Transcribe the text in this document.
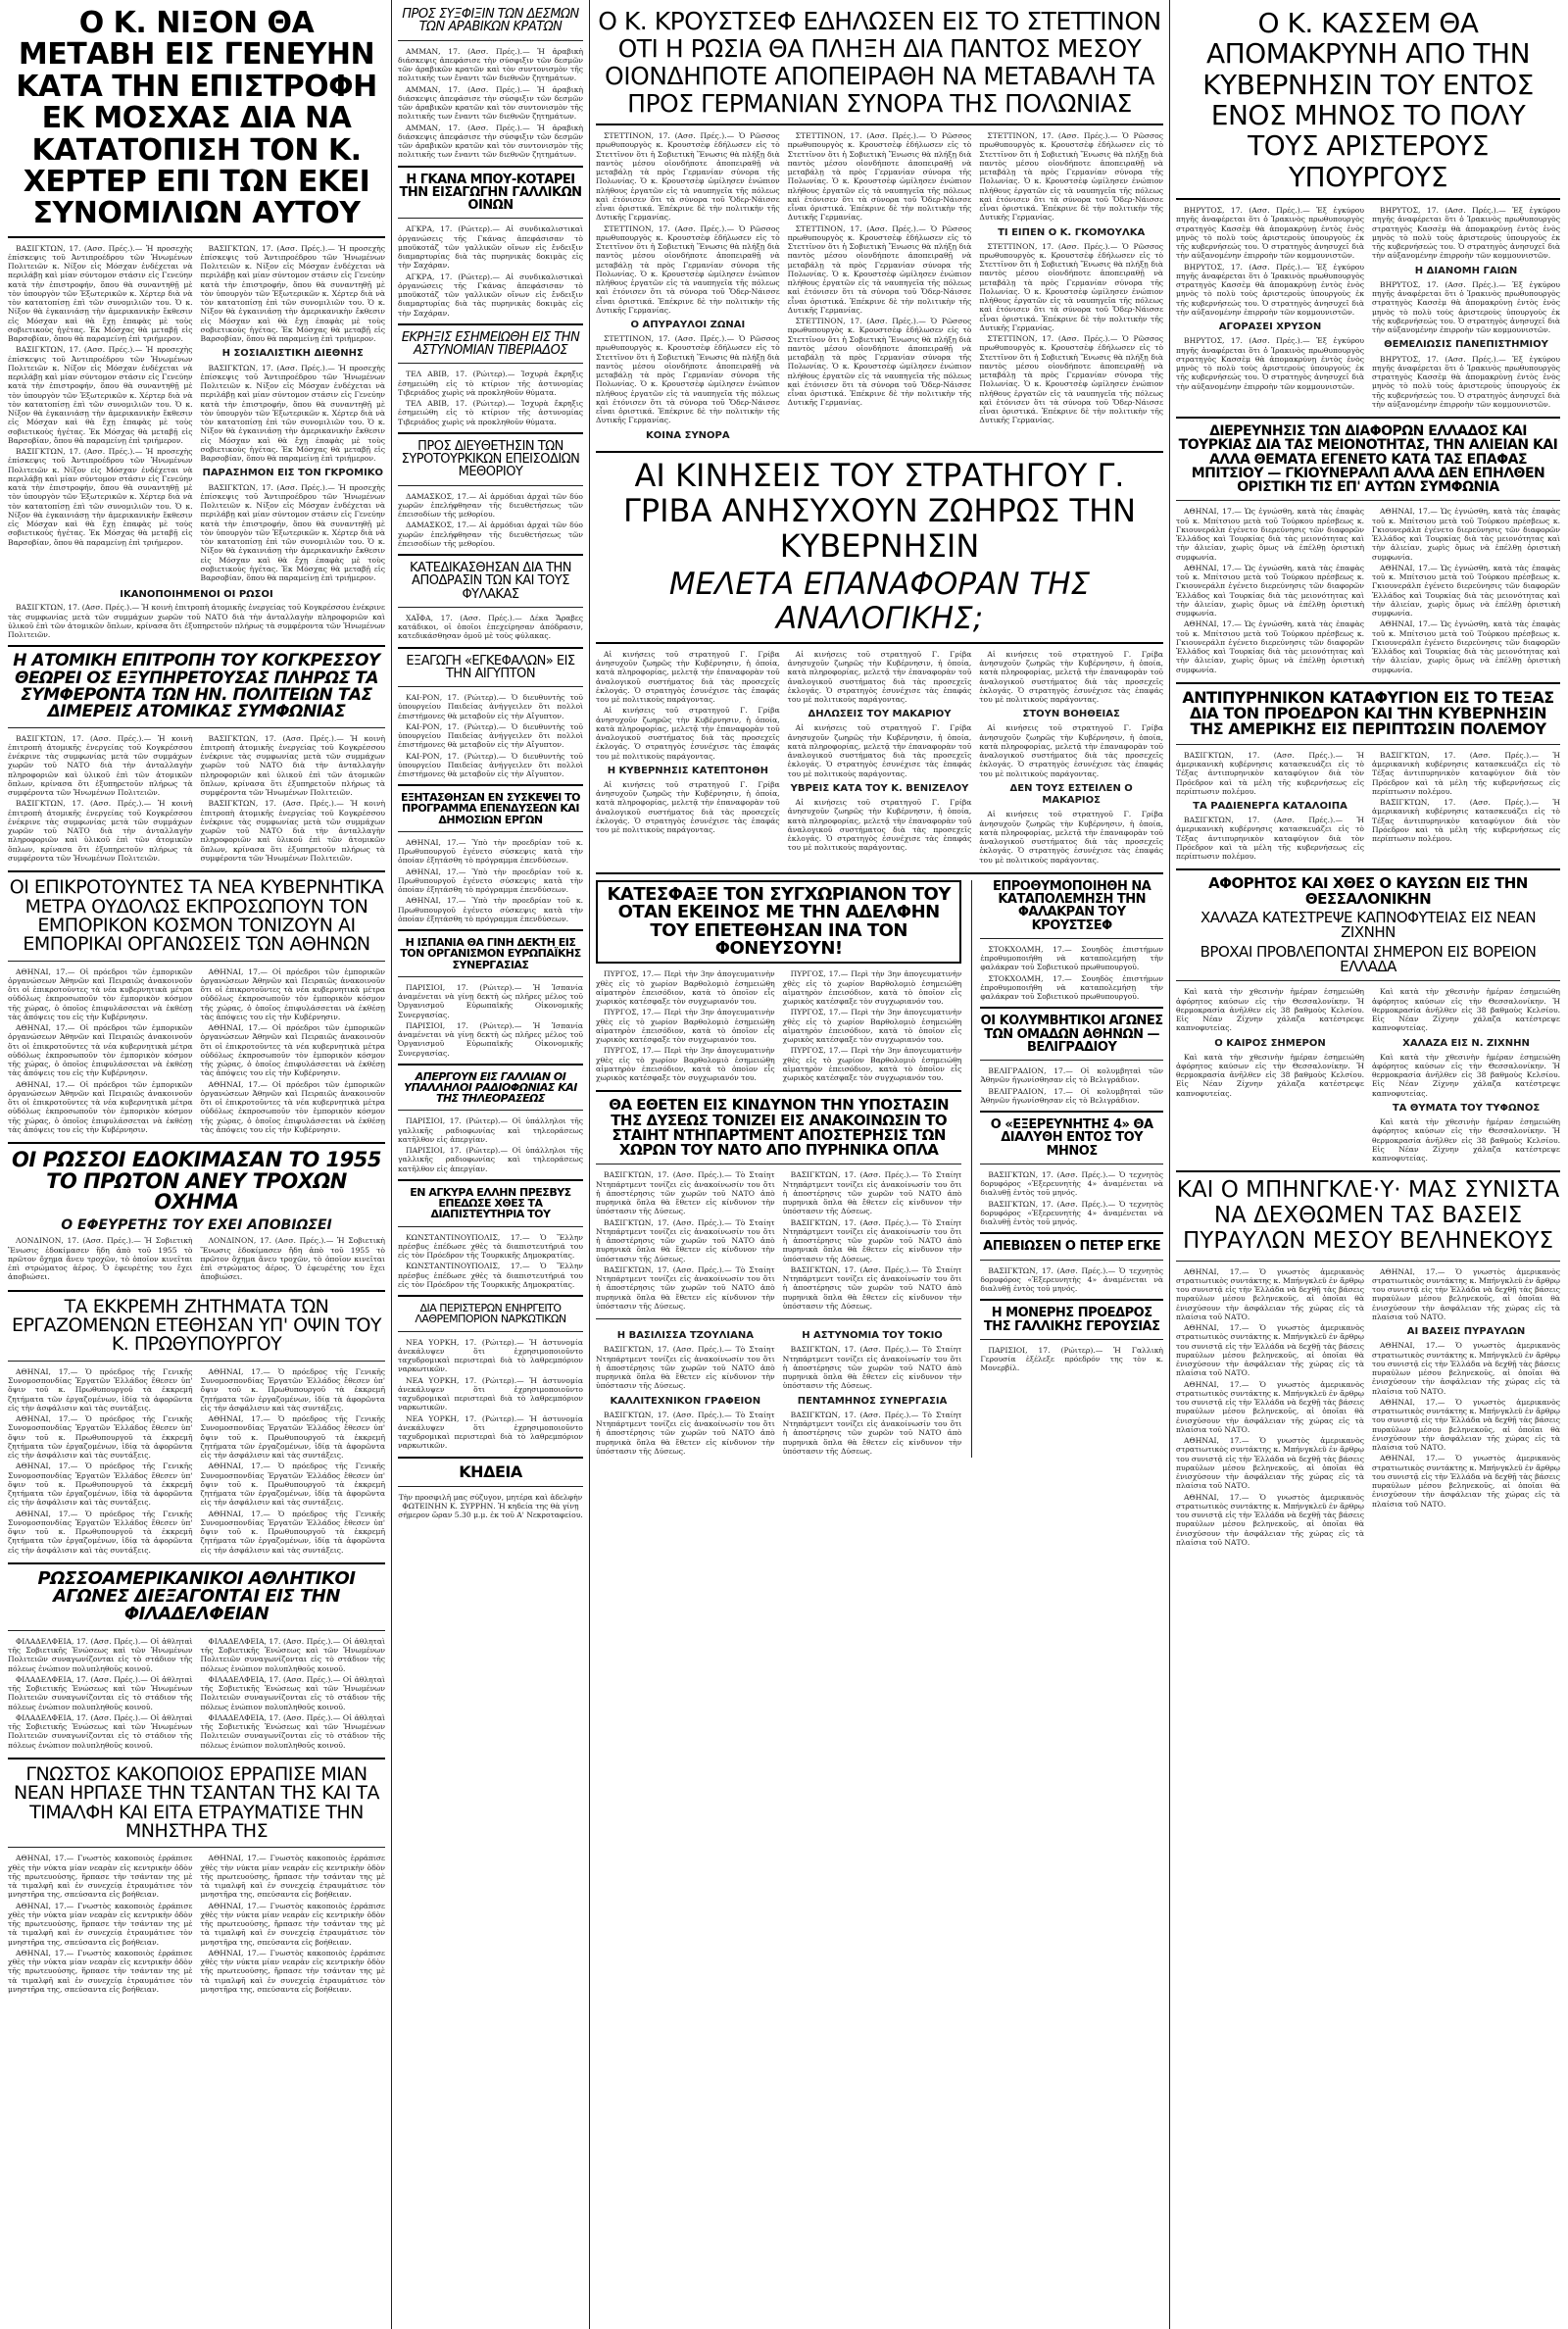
Ο Κ. ΝΙΞΟΝ ΘΑ ΜΕΤΑΒΗ ΕΙΣ ΓΕΝΕΥΗΝ ΚΑΤΑ ΤΗΝ ΕΠΙΣΤΡΟΦΗ ΕΚ ΜΟΣΧΑΣ ΔΙΑ ΝΑ ΚΑΤΑΤΟΠΙΣΗ ΤΟΝ Κ. ΧΕΡΤΕΡ ΕΠΙ ΤΩΝ ΕΚΕΙ ΣΥΝΟΜΙΛΙΩΝ ΑΥΤΟΥ

ΒΑΣΙΓΚΤΩΝ, 17. (Ασσ. Πρές.).— Ἡ προσεχὴς ἐπίσκεψις τοῦ Ἀντιπροέδρου τῶν Ἡνωμένων Πολιτειῶν κ. Νίξον εἰς Μόσχαν ἐνδέχεται νὰ περιλάβῃ καὶ μίαν σύντομον στάσιν εἰς Γενεύην κατὰ τὴν ἐπιστροφήν, ὅπου θὰ συναντηθῇ μὲ τὸν ὑπουργὸν τῶν Ἐξωτερικῶν κ. Χέρτερ διὰ νὰ τὸν κατατοπίσῃ ἐπὶ τῶν συνομιλιῶν του. Ὁ κ. Νίξον θὰ ἐγκαινιάσῃ τὴν ἀμερικανικὴν ἔκθεσιν εἰς Μόσχαν καὶ θὰ ἔχῃ ἐπαφὰς μὲ τοὺς σοβιετικοὺς ἡγέτας. Ἐκ Μόσχας θὰ μεταβῇ εἰς Βαρσοβίαν, ὅπου θὰ παραμείνῃ ἐπὶ τριήμερον.

ΒΑΣΙΓΚΤΩΝ, 17. (Ασσ. Πρές.).— Ἡ προσεχὴς ἐπίσκεψις τοῦ Ἀντιπροέδρου τῶν Ἡνωμένων Πολιτειῶν κ. Νίξον εἰς Μόσχαν ἐνδέχεται νὰ περιλάβῃ καὶ μίαν σύντομον στάσιν εἰς Γενεύην κατὰ τὴν ἐπιστροφήν, ὅπου θὰ συναντηθῇ μὲ τὸν ὑπουργὸν τῶν Ἐξωτερικῶν κ. Χέρτερ διὰ νὰ τὸν κατατοπίσῃ ἐπὶ τῶν συνομιλιῶν του. Ὁ κ. Νίξον θὰ ἐγκαινιάσῃ τὴν ἀμερικανικὴν ἔκθεσιν εἰς Μόσχαν καὶ θὰ ἔχῃ ἐπαφὰς μὲ τοὺς σοβιετικοὺς ἡγέτας. Ἐκ Μόσχας θὰ μεταβῇ εἰς Βαρσοβίαν, ὅπου θὰ παραμείνῃ ἐπὶ τριήμερον.

ΒΑΣΙΓΚΤΩΝ, 17. (Ασσ. Πρές.).— Ἡ προσεχὴς ἐπίσκεψις τοῦ Ἀντιπροέδρου τῶν Ἡνωμένων Πολιτειῶν κ. Νίξον εἰς Μόσχαν ἐνδέχεται νὰ περιλάβῃ καὶ μίαν σύντομον στάσιν εἰς Γενεύην κατὰ τὴν ἐπιστροφήν, ὅπου θὰ συναντηθῇ μὲ τὸν ὑπουργὸν τῶν Ἐξωτερικῶν κ. Χέρτερ διὰ νὰ τὸν κατατοπίσῃ ἐπὶ τῶν συνομιλιῶν του. Ὁ κ. Νίξον θὰ ἐγκαινιάσῃ τὴν ἀμερικανικὴν ἔκθεσιν εἰς Μόσχαν καὶ θὰ ἔχῃ ἐπαφὰς μὲ τοὺς σοβιετικοὺς ἡγέτας. Ἐκ Μόσχας θὰ μεταβῇ εἰς Βαρσοβίαν, ὅπου θὰ παραμείνῃ ἐπὶ τριήμερον.

ΒΑΣΙΓΚΤΩΝ, 17. (Ασσ. Πρές.).— Ἡ προσεχὴς ἐπίσκεψις τοῦ Ἀντιπροέδρου τῶν Ἡνωμένων Πολιτειῶν κ. Νίξον εἰς Μόσχαν ἐνδέχεται νὰ περιλάβῃ καὶ μίαν σύντομον στάσιν εἰς Γενεύην κατὰ τὴν ἐπιστροφήν, ὅπου θὰ συναντηθῇ μὲ τὸν ὑπουργὸν τῶν Ἐξωτερικῶν κ. Χέρτερ διὰ νὰ τὸν κατατοπίσῃ ἐπὶ τῶν συνομιλιῶν του. Ὁ κ. Νίξον θὰ ἐγκαινιάσῃ τὴν ἀμερικανικὴν ἔκθεσιν εἰς Μόσχαν καὶ θὰ ἔχῃ ἐπαφὰς μὲ τοὺς σοβιετικοὺς ἡγέτας. Ἐκ Μόσχας θὰ μεταβῇ εἰς Βαρσοβίαν, ὅπου θὰ παραμείνῃ ἐπὶ τριήμερον.

Η ΣΟΣΙΑΛΙΣΤΙΚΗ ΔΙΕΘΝΗΣ

ΒΑΣΙΓΚΤΩΝ, 17. (Ασσ. Πρές.).— Ἡ προσεχὴς ἐπίσκεψις τοῦ Ἀντιπροέδρου τῶν Ἡνωμένων Πολιτειῶν κ. Νίξον εἰς Μόσχαν ἐνδέχεται νὰ περιλάβῃ καὶ μίαν σύντομον στάσιν εἰς Γενεύην κατὰ τὴν ἐπιστροφήν, ὅπου θὰ συναντηθῇ μὲ τὸν ὑπουργὸν τῶν Ἐξωτερικῶν κ. Χέρτερ διὰ νὰ τὸν κατατοπίσῃ ἐπὶ τῶν συνομιλιῶν του. Ὁ κ. Νίξον θὰ ἐγκαινιάσῃ τὴν ἀμερικανικὴν ἔκθεσιν εἰς Μόσχαν καὶ θὰ ἔχῃ ἐπαφὰς μὲ τοὺς σοβιετικοὺς ἡγέτας. Ἐκ Μόσχας θὰ μεταβῇ εἰς Βαρσοβίαν, ὅπου θὰ παραμείνῃ ἐπὶ τριήμερον.

ΠΑΡΑΣΗΜΟΝ ΕΙΣ ΤΟΝ ΓΚΡΟΜΙΚΟ

ΒΑΣΙΓΚΤΩΝ, 17. (Ασσ. Πρές.).— Ἡ προσεχὴς ἐπίσκεψις τοῦ Ἀντιπροέδρου τῶν Ἡνωμένων Πολιτειῶν κ. Νίξον εἰς Μόσχαν ἐνδέχεται νὰ περιλάβῃ καὶ μίαν σύντομον στάσιν εἰς Γενεύην κατὰ τὴν ἐπιστροφήν, ὅπου θὰ συναντηθῇ μὲ τὸν ὑπουργὸν τῶν Ἐξωτερικῶν κ. Χέρτερ διὰ νὰ τὸν κατατοπίσῃ ἐπὶ τῶν συνομιλιῶν του. Ὁ κ. Νίξον θὰ ἐγκαινιάσῃ τὴν ἀμερικανικὴν ἔκθεσιν εἰς Μόσχαν καὶ θὰ ἔχῃ ἐπαφὰς μὲ τοὺς σοβιετικοὺς ἡγέτας. Ἐκ Μόσχας θὰ μεταβῇ εἰς Βαρσοβίαν, ὅπου θὰ παραμείνῃ ἐπὶ τριήμερον.

ΙΚΑΝΟΠΟΙΗΜΕΝΟΙ ΟΙ ΡΩΣΟΙ

ΒΑΣΙΓΚΤΩΝ, 17. (Ασσ. Πρές.).— Ἡ κοινὴ ἐπιτροπὴ ἀτομικῆς ἐνεργείας τοῦ Κογκρέσσου ἐνέκρινε τὰς συμφωνίας μετὰ τῶν συμμάχων χωρῶν τοῦ ΝΑΤΟ διὰ τὴν ἀνταλλαγὴν πληροφοριῶν καὶ ὑλικοῦ ἐπὶ τῶν ἀτομικῶν ὅπλων, κρίνασα ὅτι ἐξυπηρετοῦν πλήρως τὰ συμφέροντα τῶν Ἡνωμένων Πολιτειῶν.

Η ΑΤΟΜΙΚΗ ΕΠΙΤΡΟΠΗ ΤΟΥ ΚΟΓΚΡΕΣΣΟΥ ΘΕΩΡΕΙ ΟΣ ΕΞΥΠΗΡΕΤΟΥΣΑΣ ΠΛΗΡΩΣ ΤΑ ΣΥΜΦΕΡΟΝΤΑ ΤΩΝ ΗΝ. ΠΟΛΙΤΕΙΩΝ ΤΑΣ ΔΙΜΕΡΕΙΣ ΑΤΟΜΙΚΑΣ ΣΥΜΦΩΝΙΑΣ

ΒΑΣΙΓΚΤΩΝ, 17. (Ασσ. Πρές.).— Ἡ κοινὴ ἐπιτροπὴ ἀτομικῆς ἐνεργείας τοῦ Κογκρέσσου ἐνέκρινε τὰς συμφωνίας μετὰ τῶν συμμάχων χωρῶν τοῦ ΝΑΤΟ διὰ τὴν ἀνταλλαγὴν πληροφοριῶν καὶ ὑλικοῦ ἐπὶ τῶν ἀτομικῶν ὅπλων, κρίνασα ὅτι ἐξυπηρετοῦν πλήρως τὰ συμφέροντα τῶν Ἡνωμένων Πολιτειῶν.

ΒΑΣΙΓΚΤΩΝ, 17. (Ασσ. Πρές.).— Ἡ κοινὴ ἐπιτροπὴ ἀτομικῆς ἐνεργείας τοῦ Κογκρέσσου ἐνέκρινε τὰς συμφωνίας μετὰ τῶν συμμάχων χωρῶν τοῦ ΝΑΤΟ διὰ τὴν ἀνταλλαγὴν πληροφοριῶν καὶ ὑλικοῦ ἐπὶ τῶν ἀτομικῶν ὅπλων, κρίνασα ὅτι ἐξυπηρετοῦν πλήρως τὰ συμφέροντα τῶν Ἡνωμένων Πολιτειῶν.

ΒΑΣΙΓΚΤΩΝ, 17. (Ασσ. Πρές.).— Ἡ κοινὴ ἐπιτροπὴ ἀτομικῆς ἐνεργείας τοῦ Κογκρέσσου ἐνέκρινε τὰς συμφωνίας μετὰ τῶν συμμάχων χωρῶν τοῦ ΝΑΤΟ διὰ τὴν ἀνταλλαγὴν πληροφοριῶν καὶ ὑλικοῦ ἐπὶ τῶν ἀτομικῶν ὅπλων, κρίνασα ὅτι ἐξυπηρετοῦν πλήρως τὰ συμφέροντα τῶν Ἡνωμένων Πολιτειῶν.

ΒΑΣΙΓΚΤΩΝ, 17. (Ασσ. Πρές.).— Ἡ κοινὴ ἐπιτροπὴ ἀτομικῆς ἐνεργείας τοῦ Κογκρέσσου ἐνέκρινε τὰς συμφωνίας μετὰ τῶν συμμάχων χωρῶν τοῦ ΝΑΤΟ διὰ τὴν ἀνταλλαγὴν πληροφοριῶν καὶ ὑλικοῦ ἐπὶ τῶν ἀτομικῶν ὅπλων, κρίνασα ὅτι ἐξυπηρετοῦν πλήρως τὰ συμφέροντα τῶν Ἡνωμένων Πολιτειῶν.

ΟΙ ΕΠΙΚΡΟΤΟΥΝΤΕΣ ΤΑ ΝΕΑ ΚΥΒΕΡΝΗΤΙΚΑ ΜΕΤΡΑ ΟΥΔΟΛΩΣ ΕΚΠΡΟΣΩΠΟΥΝ ΤΟΝ ΕΜΠΟΡΙΚΟΝ ΚΟΣΜΟΝ ΤΟΝΙΖΟΥΝ ΑΙ ΕΜΠΟΡΙΚΑΙ ΟΡΓΑΝΩΣΕΙΣ ΤΩΝ ΑΘΗΝΩΝ

ΑΘΗΝΑΙ, 17.— Οἱ πρόεδροι τῶν ἐμπορικῶν ὀργανώσεων Ἀθηνῶν καὶ Πειραιῶς ἀνακοινοῦν ὅτι οἱ ἐπικροτοῦντες τὰ νέα κυβερνητικὰ μέτρα οὐδόλως ἐκπροσωποῦν τὸν ἐμπορικὸν κόσμον τῆς χώρας, ὁ ὁποῖος ἐπιφυλάσσεται νὰ ἐκθέσῃ τὰς ἀπόψεις του εἰς τὴν Κυβέρνησιν.

ΑΘΗΝΑΙ, 17.— Οἱ πρόεδροι τῶν ἐμπορικῶν ὀργανώσεων Ἀθηνῶν καὶ Πειραιῶς ἀνακοινοῦν ὅτι οἱ ἐπικροτοῦντες τὰ νέα κυβερνητικὰ μέτρα οὐδόλως ἐκπροσωποῦν τὸν ἐμπορικὸν κόσμον τῆς χώρας, ὁ ὁποῖος ἐπιφυλάσσεται νὰ ἐκθέσῃ τὰς ἀπόψεις του εἰς τὴν Κυβέρνησιν.

ΑΘΗΝΑΙ, 17.— Οἱ πρόεδροι τῶν ἐμπορικῶν ὀργανώσεων Ἀθηνῶν καὶ Πειραιῶς ἀνακοινοῦν ὅτι οἱ ἐπικροτοῦντες τὰ νέα κυβερνητικὰ μέτρα οὐδόλως ἐκπροσωποῦν τὸν ἐμπορικὸν κόσμον τῆς χώρας, ὁ ὁποῖος ἐπιφυλάσσεται νὰ ἐκθέσῃ τὰς ἀπόψεις του εἰς τὴν Κυβέρνησιν.

ΑΘΗΝΑΙ, 17.— Οἱ πρόεδροι τῶν ἐμπορικῶν ὀργανώσεων Ἀθηνῶν καὶ Πειραιῶς ἀνακοινοῦν ὅτι οἱ ἐπικροτοῦντες τὰ νέα κυβερνητικὰ μέτρα οὐδόλως ἐκπροσωποῦν τὸν ἐμπορικὸν κόσμον τῆς χώρας, ὁ ὁποῖος ἐπιφυλάσσεται νὰ ἐκθέσῃ τὰς ἀπόψεις του εἰς τὴν Κυβέρνησιν.

ΑΘΗΝΑΙ, 17.— Οἱ πρόεδροι τῶν ἐμπορικῶν ὀργανώσεων Ἀθηνῶν καὶ Πειραιῶς ἀνακοινοῦν ὅτι οἱ ἐπικροτοῦντες τὰ νέα κυβερνητικὰ μέτρα οὐδόλως ἐκπροσωποῦν τὸν ἐμπορικὸν κόσμον τῆς χώρας, ὁ ὁποῖος ἐπιφυλάσσεται νὰ ἐκθέσῃ τὰς ἀπόψεις του εἰς τὴν Κυβέρνησιν.

ΑΘΗΝΑΙ, 17.— Οἱ πρόεδροι τῶν ἐμπορικῶν ὀργανώσεων Ἀθηνῶν καὶ Πειραιῶς ἀνακοινοῦν ὅτι οἱ ἐπικροτοῦντες τὰ νέα κυβερνητικὰ μέτρα οὐδόλως ἐκπροσωποῦν τὸν ἐμπορικὸν κόσμον τῆς χώρας, ὁ ὁποῖος ἐπιφυλάσσεται νὰ ἐκθέσῃ τὰς ἀπόψεις του εἰς τὴν Κυβέρνησιν.

ΟΙ ΡΩΣΣΟΙ ΕΔΟΚΙΜΑΣΑΝ ΤΟ 1955 ΤΟ ΠΡΩΤΟΝ ΑΝΕΥ ΤΡΟΧΩΝ ΟΧΗΜΑ
Ο ΕΦΕΥΡΕΤΗΣ ΤΟΥ ΕΧΕΙ ΑΠΟΒΙΩΣΕΙ

ΛΟΝΔΙΝΟΝ, 17. (Ασσ. Πρές.).— Ἡ Σοβιετικὴ Ἕνωσις ἐδοκίμασεν ἤδη ἀπὸ τοῦ 1955 τὸ πρῶτον ὄχημα ἄνευ τροχῶν, τὸ ὁποῖον κινεῖται ἐπὶ στρώματος ἀέρος. Ὁ ἐφευρέτης του ἔχει ἀποβιώσει.

ΛΟΝΔΙΝΟΝ, 17. (Ασσ. Πρές.).— Ἡ Σοβιετικὴ Ἕνωσις ἐδοκίμασεν ἤδη ἀπὸ τοῦ 1955 τὸ πρῶτον ὄχημα ἄνευ τροχῶν, τὸ ὁποῖον κινεῖται ἐπὶ στρώματος ἀέρος. Ὁ ἐφευρέτης του ἔχει ἀποβιώσει.

ΤΑ ΕΚΚΡΕΜΗ ΖΗΤΗΜΑΤΑ ΤΩΝ ΕΡΓΑΖΟΜΕΝΩΝ ΕΤΕΘΗΣΑΝ ΥΠ' ΟΨΙΝ ΤΟΥ Κ. ΠΡΩΘΥΠΟΥΡΓΟΥ

ΑΘΗΝΑΙ, 17.— Ὁ πρόεδρος τῆς Γενικῆς Συνομοσπονδίας Ἐργατῶν Ἑλλάδος ἔθεσεν ὑπ' ὄψιν τοῦ κ. Πρωθυπουργοῦ τὰ ἐκκρεμῆ ζητήματα τῶν ἐργαζομένων, ἰδίᾳ τὰ ἀφορῶντα εἰς τὴν ἀσφάλισιν καὶ τὰς συντάξεις.

ΑΘΗΝΑΙ, 17.— Ὁ πρόεδρος τῆς Γενικῆς Συνομοσπονδίας Ἐργατῶν Ἑλλάδος ἔθεσεν ὑπ' ὄψιν τοῦ κ. Πρωθυπουργοῦ τὰ ἐκκρεμῆ ζητήματα τῶν ἐργαζομένων, ἰδίᾳ τὰ ἀφορῶντα εἰς τὴν ἀσφάλισιν καὶ τὰς συντάξεις.

ΑΘΗΝΑΙ, 17.— Ὁ πρόεδρος τῆς Γενικῆς Συνομοσπονδίας Ἐργατῶν Ἑλλάδος ἔθεσεν ὑπ' ὄψιν τοῦ κ. Πρωθυπουργοῦ τὰ ἐκκρεμῆ ζητήματα τῶν ἐργαζομένων, ἰδίᾳ τὰ ἀφορῶντα εἰς τὴν ἀσφάλισιν καὶ τὰς συντάξεις.

ΑΘΗΝΑΙ, 17.— Ὁ πρόεδρος τῆς Γενικῆς Συνομοσπονδίας Ἐργατῶν Ἑλλάδος ἔθεσεν ὑπ' ὄψιν τοῦ κ. Πρωθυπουργοῦ τὰ ἐκκρεμῆ ζητήματα τῶν ἐργαζομένων, ἰδίᾳ τὰ ἀφορῶντα εἰς τὴν ἀσφάλισιν καὶ τὰς συντάξεις.

ΑΘΗΝΑΙ, 17.— Ὁ πρόεδρος τῆς Γενικῆς Συνομοσπονδίας Ἐργατῶν Ἑλλάδος ἔθεσεν ὑπ' ὄψιν τοῦ κ. Πρωθυπουργοῦ τὰ ἐκκρεμῆ ζητήματα τῶν ἐργαζομένων, ἰδίᾳ τὰ ἀφορῶντα εἰς τὴν ἀσφάλισιν καὶ τὰς συντάξεις.

ΑΘΗΝΑΙ, 17.— Ὁ πρόεδρος τῆς Γενικῆς Συνομοσπονδίας Ἐργατῶν Ἑλλάδος ἔθεσεν ὑπ' ὄψιν τοῦ κ. Πρωθυπουργοῦ τὰ ἐκκρεμῆ ζητήματα τῶν ἐργαζομένων, ἰδίᾳ τὰ ἀφορῶντα εἰς τὴν ἀσφάλισιν καὶ τὰς συντάξεις.

ΑΘΗΝΑΙ, 17.— Ὁ πρόεδρος τῆς Γενικῆς Συνομοσπονδίας Ἐργατῶν Ἑλλάδος ἔθεσεν ὑπ' ὄψιν τοῦ κ. Πρωθυπουργοῦ τὰ ἐκκρεμῆ ζητήματα τῶν ἐργαζομένων, ἰδίᾳ τὰ ἀφορῶντα εἰς τὴν ἀσφάλισιν καὶ τὰς συντάξεις.

ΑΘΗΝΑΙ, 17.— Ὁ πρόεδρος τῆς Γενικῆς Συνομοσπονδίας Ἐργατῶν Ἑλλάδος ἔθεσεν ὑπ' ὄψιν τοῦ κ. Πρωθυπουργοῦ τὰ ἐκκρεμῆ ζητήματα τῶν ἐργαζομένων, ἰδίᾳ τὰ ἀφορῶντα εἰς τὴν ἀσφάλισιν καὶ τὰς συντάξεις.

ΡΩΣΣΟΑΜΕΡΙΚΑΝΙΚΟΙ ΑΘΛΗΤΙΚΟΙ ΑΓΩΝΕΣ ΔΙΕΞΑΓΟΝΤΑΙ ΕΙΣ ΤΗΝ ΦΙΛΑΔΕΛΦΕΙΑΝ

ΦΙΛΑΔΕΛΦΕΙΑ, 17. (Ασσ. Πρές.).— Οἱ ἀθληταὶ τῆς Σοβιετικῆς Ἑνώσεως καὶ τῶν Ἡνωμένων Πολιτειῶν συναγωνίζονται εἰς τὸ στάδιον τῆς πόλεως ἐνώπιον πολυπληθοῦς κοινοῦ.

ΦΙΛΑΔΕΛΦΕΙΑ, 17. (Ασσ. Πρές.).— Οἱ ἀθληταὶ τῆς Σοβιετικῆς Ἑνώσεως καὶ τῶν Ἡνωμένων Πολιτειῶν συναγωνίζονται εἰς τὸ στάδιον τῆς πόλεως ἐνώπιον πολυπληθοῦς κοινοῦ.

ΦΙΛΑΔΕΛΦΕΙΑ, 17. (Ασσ. Πρές.).— Οἱ ἀθληταὶ τῆς Σοβιετικῆς Ἑνώσεως καὶ τῶν Ἡνωμένων Πολιτειῶν συναγωνίζονται εἰς τὸ στάδιον τῆς πόλεως ἐνώπιον πολυπληθοῦς κοινοῦ.

ΦΙΛΑΔΕΛΦΕΙΑ, 17. (Ασσ. Πρές.).— Οἱ ἀθληταὶ τῆς Σοβιετικῆς Ἑνώσεως καὶ τῶν Ἡνωμένων Πολιτειῶν συναγωνίζονται εἰς τὸ στάδιον τῆς πόλεως ἐνώπιον πολυπληθοῦς κοινοῦ.

ΦΙΛΑΔΕΛΦΕΙΑ, 17. (Ασσ. Πρές.).— Οἱ ἀθληταὶ τῆς Σοβιετικῆς Ἑνώσεως καὶ τῶν Ἡνωμένων Πολιτειῶν συναγωνίζονται εἰς τὸ στάδιον τῆς πόλεως ἐνώπιον πολυπληθοῦς κοινοῦ.

ΦΙΛΑΔΕΛΦΕΙΑ, 17. (Ασσ. Πρές.).— Οἱ ἀθληταὶ τῆς Σοβιετικῆς Ἑνώσεως καὶ τῶν Ἡνωμένων Πολιτειῶν συναγωνίζονται εἰς τὸ στάδιον τῆς πόλεως ἐνώπιον πολυπληθοῦς κοινοῦ.

ΓΝΩΣΤΟΣ ΚΑΚΟΠΟΙΟΣ ΕΡΡΑΠΙΣΕ ΜΙΑΝ ΝΕΑΝ ΗΡΠΑΣΕ ΤΗΝ ΤΣΑΝΤΑΝ ΤΗΣ ΚΑΙ ΤΑ ΤΙΜΑΛΦΗ ΚΑΙ ΕΙΤΑ ΕΤΡΑΥΜΑΤΙΣΕ ΤΗΝ ΜΝΗΣΤΗΡΑ ΤΗΣ

ΑΘΗΝΑΙ, 17.— Γνωστὸς κακοποιὸς ἐρράπισε χθὲς τὴν νύκτα μίαν νεαρὰν εἰς κεντρικὴν ὁδὸν τῆς πρωτευούσης, ἥρπασε τὴν τσάνταν της μὲ τὰ τιμαλφῆ καὶ ἐν συνεχείᾳ ἐτραυμάτισε τὸν μνηστῆρα της, σπεύσαντα εἰς βοήθειαν.

ΑΘΗΝΑΙ, 17.— Γνωστὸς κακοποιὸς ἐρράπισε χθὲς τὴν νύκτα μίαν νεαρὰν εἰς κεντρικὴν ὁδὸν τῆς πρωτευούσης, ἥρπασε τὴν τσάνταν της μὲ τὰ τιμαλφῆ καὶ ἐν συνεχείᾳ ἐτραυμάτισε τὸν μνηστῆρα της, σπεύσαντα εἰς βοήθειαν.

ΑΘΗΝΑΙ, 17.— Γνωστὸς κακοποιὸς ἐρράπισε χθὲς τὴν νύκτα μίαν νεαρὰν εἰς κεντρικὴν ὁδὸν τῆς πρωτευούσης, ἥρπασε τὴν τσάνταν της μὲ τὰ τιμαλφῆ καὶ ἐν συνεχείᾳ ἐτραυμάτισε τὸν μνηστῆρα της, σπεύσαντα εἰς βοήθειαν.

ΑΘΗΝΑΙ, 17.— Γνωστὸς κακοποιὸς ἐρράπισε χθὲς τὴν νύκτα μίαν νεαρὰν εἰς κεντρικὴν ὁδὸν τῆς πρωτευούσης, ἥρπασε τὴν τσάνταν της μὲ τὰ τιμαλφῆ καὶ ἐν συνεχείᾳ ἐτραυμάτισε τὸν μνηστῆρα της, σπεύσαντα εἰς βοήθειαν.

ΑΘΗΝΑΙ, 17.— Γνωστὸς κακοποιὸς ἐρράπισε χθὲς τὴν νύκτα μίαν νεαρὰν εἰς κεντρικὴν ὁδὸν τῆς πρωτευούσης, ἥρπασε τὴν τσάνταν της μὲ τὰ τιμαλφῆ καὶ ἐν συνεχείᾳ ἐτραυμάτισε τὸν μνηστῆρα της, σπεύσαντα εἰς βοήθειαν.

ΑΘΗΝΑΙ, 17.— Γνωστὸς κακοποιὸς ἐρράπισε χθὲς τὴν νύκτα μίαν νεαρὰν εἰς κεντρικὴν ὁδὸν τῆς πρωτευούσης, ἥρπασε τὴν τσάνταν της μὲ τὰ τιμαλφῆ καὶ ἐν συνεχείᾳ ἐτραυμάτισε τὸν μνηστῆρα της, σπεύσαντα εἰς βοήθειαν.

ΠΡΟΣ ΣΥΞΦΙΞΙΝ ΤΩΝ ΔΕΣΜΩΝ ΤΩΝ ΑΡΑΒΙΚΩΝ ΚΡΑΤΩΝ

ΑΜΜΑΝ, 17. (Ασσ. Πρές.).— Ἡ ἀραβικὴ διάσκεψις ἀπεφάσισε τὴν σύσφιξιν τῶν δεσμῶν τῶν ἀραβικῶν κρατῶν καὶ τὸν συντονισμὸν τῆς πολιτικῆς των ἔναντι τῶν διεθνῶν ζητημάτων.

ΑΜΜΑΝ, 17. (Ασσ. Πρές.).— Ἡ ἀραβικὴ διάσκεψις ἀπεφάσισε τὴν σύσφιξιν τῶν δεσμῶν τῶν ἀραβικῶν κρατῶν καὶ τὸν συντονισμὸν τῆς πολιτικῆς των ἔναντι τῶν διεθνῶν ζητημάτων.

ΑΜΜΑΝ, 17. (Ασσ. Πρές.).— Ἡ ἀραβικὴ διάσκεψις ἀπεφάσισε τὴν σύσφιξιν τῶν δεσμῶν τῶν ἀραβικῶν κρατῶν καὶ τὸν συντονισμὸν τῆς πολιτικῆς των ἔναντι τῶν διεθνῶν ζητημάτων.

Η ΓΚΑΝΑ ΜΠΟΥ-ΚΟΤΑΡΕΙ ΤΗΝ ΕΙΣΑΓΩΓΗΝ ΓΑΛΛΙΚΩΝ ΟΙΝΩΝ

ΑΓΚΡΑ, 17. (Ρώιτερ).— Αἱ συνδικαλιστικαὶ ὀργανώσεις τῆς Γκάνας ἀπεφάσισαν τὸ μποϋκοτάζ τῶν γαλλικῶν οἴνων εἰς ἔνδειξιν διαμαρτυρίας διὰ τὰς πυρηνικὰς δοκιμὰς εἰς τὴν Σαχάραν.

ΑΓΚΡΑ, 17. (Ρώιτερ).— Αἱ συνδικαλιστικαὶ ὀργανώσεις τῆς Γκάνας ἀπεφάσισαν τὸ μποϋκοτάζ τῶν γαλλικῶν οἴνων εἰς ἔνδειξιν διαμαρτυρίας διὰ τὰς πυρηνικὰς δοκιμὰς εἰς τὴν Σαχάραν.

ΕΚΡΗΞΙΣ ΕΣΗΜΕΙΩΘΗ ΕΙΣ ΤΗΝ ΑΣΤΥΝΟΜΙΑΝ ΤΙΒΕΡΙΑΔΟΣ

ΤΕΛ ΑΒΙΒ, 17. (Ρώιτερ).— Ἰσχυρὰ ἔκρηξις ἐσημειώθη εἰς τὸ κτίριον τῆς ἀστυνομίας Τιβεριάδος χωρὶς νὰ προκληθοῦν θύματα.

ΤΕΛ ΑΒΙΒ, 17. (Ρώιτερ).— Ἰσχυρὰ ἔκρηξις ἐσημειώθη εἰς τὸ κτίριον τῆς ἀστυνομίας Τιβεριάδος χωρὶς νὰ προκληθοῦν θύματα.

ΠΡΟΣ ΔΙΕΥΘΕΤΗΣΙΝ ΤΩΝ ΣΥΡΟΤΟΥΡΚΙΚΩΝ ΕΠΕΙΣΟΔΙΩΝ ΜΕΘΟΡΙΟΥ

ΔΑΜΑΣΚΟΣ, 17.— Αἱ ἀρμόδιαι ἀρχαὶ τῶν δύο χωρῶν ἐπελήφθησαν τῆς διευθετήσεως τῶν ἐπεισοδίων τῆς μεθορίου.

ΔΑΜΑΣΚΟΣ, 17.— Αἱ ἀρμόδιαι ἀρχαὶ τῶν δύο χωρῶν ἐπελήφθησαν τῆς διευθετήσεως τῶν ἐπεισοδίων τῆς μεθορίου.

ΚΑΤΕΔΙΚΑΣΘΗΣΑΝ ΔΙΑ ΤΗΝ ΑΠΟΔΡΑΣΙΝ ΤΩΝ ΚΑΙ ΤΟΥΣ ΦΥΛΑΚΑΣ

ΧΑΪΦΑ, 17. (Ασσ. Πρές.).— Δέκα Ἄραβες κατάδικοι, οἱ ὁποῖοι ἐπεχείρησαν ἀπόδρασιν, κατεδικάσθησαν ὁμοῦ μὲ τοὺς φύλακας.

ΕΞΑΓΩΓΗ «ΕΓΚΕΦΑΛΩΝ» ΕΙΣ ΤΗΝ ΑΙΓΥΠΤΟΝ

ΚΑΙ-ΡΟΝ, 17. (Ρώιτερ).— Ὁ διευθυντὴς τοῦ ὑπουργείου Παιδείας ἀνήγγειλεν ὅτι πολλοὶ ἐπιστήμονες θὰ μεταβοῦν εἰς τὴν Αἴγυπτον.

ΚΑΙ-ΡΟΝ, 17. (Ρώιτερ).— Ὁ διευθυντὴς τοῦ ὑπουργείου Παιδείας ἀνήγγειλεν ὅτι πολλοὶ ἐπιστήμονες θὰ μεταβοῦν εἰς τὴν Αἴγυπτον.

ΚΑΙ-ΡΟΝ, 17. (Ρώιτερ).— Ὁ διευθυντὴς τοῦ ὑπουργείου Παιδείας ἀνήγγειλεν ὅτι πολλοὶ ἐπιστήμονες θὰ μεταβοῦν εἰς τὴν Αἴγυπτον.

ΕΞΗΤΑΣΘΗΣΑΝ ΕΝ ΣΥΣΚΕΨΕΙ ΤΟ ΠΡΟΓΡΑΜΜΑ ΕΠΕΝΔΥΣΕΩΝ ΚΑΙ ΔΗΜΟΣΙΩΝ ΕΡΓΩΝ

ΑΘΗΝΑΙ, 17.— Ὑπὸ τὴν προεδρίαν τοῦ κ. Πρωθυπουργοῦ ἐγένετο σύσκεψις κατὰ τὴν ὁποίαν ἐξητάσθη τὸ πρόγραμμα ἐπενδύσεων.

ΑΘΗΝΑΙ, 17.— Ὑπὸ τὴν προεδρίαν τοῦ κ. Πρωθυπουργοῦ ἐγένετο σύσκεψις κατὰ τὴν ὁποίαν ἐξητάσθη τὸ πρόγραμμα ἐπενδύσεων.

ΑΘΗΝΑΙ, 17.— Ὑπὸ τὴν προεδρίαν τοῦ κ. Πρωθυπουργοῦ ἐγένετο σύσκεψις κατὰ τὴν ὁποίαν ἐξητάσθη τὸ πρόγραμμα ἐπενδύσεων.

Η ΙΣΠΑΝΙΑ ΘΑ ΓΙΝΗ ΔΕΚΤΗ ΕΙΣ ΤΟΝ ΟΡΓΑΝΙΣΜΟΝ ΕΥΡΩΠΑΪΚΗΣ ΣΥΝΕΡΓΑΣΙΑΣ

ΠΑΡΙΣΙΟΙ, 17. (Ρώιτερ).— Ἡ Ἰσπανία ἀναμένεται νὰ γίνῃ δεκτὴ ὡς πλῆρες μέλος τοῦ Ὀργανισμοῦ Εὐρωπαϊκῆς Οἰκονομικῆς Συνεργασίας.

ΠΑΡΙΣΙΟΙ, 17. (Ρώιτερ).— Ἡ Ἰσπανία ἀναμένεται νὰ γίνῃ δεκτὴ ὡς πλῆρες μέλος τοῦ Ὀργανισμοῦ Εὐρωπαϊκῆς Οἰκονομικῆς Συνεργασίας.

ΑΠΕΡΓΟΥΝ ΕΙΣ ΓΑΛΛΙΑΝ ΟΙ ΥΠΑΛΛΗΛΟΙ ΡΑΔΙΟΦΩΝΙΑΣ ΚΑΙ ΤΗΣ ΤΗΛΕΟΡΑΣΕΩΣ

ΠΑΡΙΣΙΟΙ, 17. (Ρώιτερ).— Οἱ ὑπάλληλοι τῆς γαλλικῆς ραδιοφωνίας καὶ τηλεοράσεως κατῆλθον εἰς ἀπεργίαν.

ΠΑΡΙΣΙΟΙ, 17. (Ρώιτερ).— Οἱ ὑπάλληλοι τῆς γαλλικῆς ραδιοφωνίας καὶ τηλεοράσεως κατῆλθον εἰς ἀπεργίαν.

ΕΝ ΑΓΚΥΡΑ ΕΛΛΗΝ ΠΡΕΣΒΥΣ ΕΠΕΔΩΣΕ ΧΘΕΣ ΤΑ ΔΙΑΠΙΣΤΕΥΤΗΡΙΑ ΤΟΥ

ΚΩΝΣΤΑΝΤΙΝΟΥΠΟΛΙΣ, 17.— Ὁ Ἕλλην πρέσβυς ἐπέδωσε χθὲς τὰ διαπιστευτήριά του εἰς τὸν Πρόεδρον τῆς Τουρκικῆς Δημοκρατίας.

ΚΩΝΣΤΑΝΤΙΝΟΥΠΟΛΙΣ, 17.— Ὁ Ἕλλην πρέσβυς ἐπέδωσε χθὲς τὰ διαπιστευτήριά του εἰς τὸν Πρόεδρον τῆς Τουρκικῆς Δημοκρατίας.

ΔΙΑ ΠΕΡΙΣΤΕΡΩΝ ΕΝΗΡΓΕΙΤΟ ΛΑΘΡΕΜΠΟΡΙΟΝ ΝΑΡΚΩΤΙΚΩΝ

ΝΕΑ ΥΟΡΚΗ, 17. (Ρώιτερ).— Ἡ ἀστυνομία ἀνεκάλυψεν ὅτι ἐχρησιμοποιοῦντο ταχυδρομικαὶ περιστεραὶ διὰ τὸ λαθρεμπόριον ναρκωτικῶν.

ΝΕΑ ΥΟΡΚΗ, 17. (Ρώιτερ).— Ἡ ἀστυνομία ἀνεκάλυψεν ὅτι ἐχρησιμοποιοῦντο ταχυδρομικαὶ περιστεραὶ διὰ τὸ λαθρεμπόριον ναρκωτικῶν.

ΝΕΑ ΥΟΡΚΗ, 17. (Ρώιτερ).— Ἡ ἀστυνομία ἀνεκάλυψεν ὅτι ἐχρησιμοποιοῦντο ταχυδρομικαὶ περιστεραὶ διὰ τὸ λαθρεμπόριον ναρκωτικῶν.

ΚΗΔΕΙΑ

Τὴν προσφιλῆ μας σύζυγον, μητέρα καὶ ἀδελφὴν ΦΩΤΕΙΝΗΝ Κ. ΣΥΡΡΗΝ. Ἡ κηδεία της θὰ γίνῃ σήμερον ὥραν 5.30 μ.μ. ἐκ τοῦ Α' Νεκροταφείου.

Ο Κ. ΚΡΟΥΣΤΣΕΦ ΕΔΗΛΩΣΕΝ ΕΙΣ ΤΟ ΣΤΕΤΤΙΝΟΝ ΟΤΙ Η ΡΩΣΙΑ ΘΑ ΠΛΗΞΗ ΔΙΑ ΠΑΝΤΟΣ ΜΕΣΟΥ ΟΙΟΝΔΗΠΟΤΕ ΑΠΟΠΕΙΡΑΘΗ ΝΑ ΜΕΤΑΒΑΛΗ ΤΑ ΠΡΟΣ ΓΕΡΜΑΝΙΑΝ ΣΥΝΟΡΑ ΤΗΣ ΠΟΛΩΝΙΑΣ

ΣΤΕΤΤΙΝΟΝ, 17. (Ασσ. Πρές.).— Ὁ Ρῶσσος πρωθυπουργὸς κ. Κρουστσὲφ ἐδήλωσεν εἰς τὸ Στεττῖνον ὅτι ἡ Σοβιετικὴ Ἕνωσις θὰ πλήξῃ διὰ παντὸς μέσου οἱονδήποτε ἀποπειραθῇ νὰ μεταβάλῃ τὰ πρὸς Γερμανίαν σύνορα τῆς Πολωνίας. Ὁ κ. Κρουστσὲφ ὡμίλησεν ἐνώπιον πλήθους ἐργατῶν εἰς τὰ ναυπηγεῖα τῆς πόλεως καὶ ἐτόνισεν ὅτι τὰ σύνορα τοῦ Ὄδερ-Νάισσε εἶναι ὁριστικά. Ἐπέκρινε δὲ τὴν πολιτικὴν τῆς Δυτικῆς Γερμανίας.

ΣΤΕΤΤΙΝΟΝ, 17. (Ασσ. Πρές.).— Ὁ Ρῶσσος πρωθυπουργὸς κ. Κρουστσὲφ ἐδήλωσεν εἰς τὸ Στεττῖνον ὅτι ἡ Σοβιετικὴ Ἕνωσις θὰ πλήξῃ διὰ παντὸς μέσου οἱονδήποτε ἀποπειραθῇ νὰ μεταβάλῃ τὰ πρὸς Γερμανίαν σύνορα τῆς Πολωνίας. Ὁ κ. Κρουστσὲφ ὡμίλησεν ἐνώπιον πλήθους ἐργατῶν εἰς τὰ ναυπηγεῖα τῆς πόλεως καὶ ἐτόνισεν ὅτι τὰ σύνορα τοῦ Ὄδερ-Νάισσε εἶναι ὁριστικά. Ἐπέκρινε δὲ τὴν πολιτικὴν τῆς Δυτικῆς Γερμανίας.

Ο ΑΠΥΡΑΥΛΟΙ ΖΩΝΑΙ

ΣΤΕΤΤΙΝΟΝ, 17. (Ασσ. Πρές.).— Ὁ Ρῶσσος πρωθυπουργὸς κ. Κρουστσὲφ ἐδήλωσεν εἰς τὸ Στεττῖνον ὅτι ἡ Σοβιετικὴ Ἕνωσις θὰ πλήξῃ διὰ παντὸς μέσου οἱονδήποτε ἀποπειραθῇ νὰ μεταβάλῃ τὰ πρὸς Γερμανίαν σύνορα τῆς Πολωνίας. Ὁ κ. Κρουστσὲφ ὡμίλησεν ἐνώπιον πλήθους ἐργατῶν εἰς τὰ ναυπηγεῖα τῆς πόλεως καὶ ἐτόνισεν ὅτι τὰ σύνορα τοῦ Ὄδερ-Νάισσε εἶναι ὁριστικά. Ἐπέκρινε δὲ τὴν πολιτικὴν τῆς Δυτικῆς Γερμανίας.

ΚΟΙΝΑ ΣΥΝΟΡΑ

ΣΤΕΤΤΙΝΟΝ, 17. (Ασσ. Πρές.).— Ὁ Ρῶσσος πρωθυπουργὸς κ. Κρουστσὲφ ἐδήλωσεν εἰς τὸ Στεττῖνον ὅτι ἡ Σοβιετικὴ Ἕνωσις θὰ πλήξῃ διὰ παντὸς μέσου οἱονδήποτε ἀποπειραθῇ νὰ μεταβάλῃ τὰ πρὸς Γερμανίαν σύνορα τῆς Πολωνίας. Ὁ κ. Κρουστσὲφ ὡμίλησεν ἐνώπιον πλήθους ἐργατῶν εἰς τὰ ναυπηγεῖα τῆς πόλεως καὶ ἐτόνισεν ὅτι τὰ σύνορα τοῦ Ὄδερ-Νάισσε εἶναι ὁριστικά. Ἐπέκρινε δὲ τὴν πολιτικὴν τῆς Δυτικῆς Γερμανίας.

ΣΤΕΤΤΙΝΟΝ, 17. (Ασσ. Πρές.).— Ὁ Ρῶσσος πρωθυπουργὸς κ. Κρουστσὲφ ἐδήλωσεν εἰς τὸ Στεττῖνον ὅτι ἡ Σοβιετικὴ Ἕνωσις θὰ πλήξῃ διὰ παντὸς μέσου οἱονδήποτε ἀποπειραθῇ νὰ μεταβάλῃ τὰ πρὸς Γερμανίαν σύνορα τῆς Πολωνίας. Ὁ κ. Κρουστσὲφ ὡμίλησεν ἐνώπιον πλήθους ἐργατῶν εἰς τὰ ναυπηγεῖα τῆς πόλεως καὶ ἐτόνισεν ὅτι τὰ σύνορα τοῦ Ὄδερ-Νάισσε εἶναι ὁριστικά. Ἐπέκρινε δὲ τὴν πολιτικὴν τῆς Δυτικῆς Γερμανίας.

ΣΤΕΤΤΙΝΟΝ, 17. (Ασσ. Πρές.).— Ὁ Ρῶσσος πρωθυπουργὸς κ. Κρουστσὲφ ἐδήλωσεν εἰς τὸ Στεττῖνον ὅτι ἡ Σοβιετικὴ Ἕνωσις θὰ πλήξῃ διὰ παντὸς μέσου οἱονδήποτε ἀποπειραθῇ νὰ μεταβάλῃ τὰ πρὸς Γερμανίαν σύνορα τῆς Πολωνίας. Ὁ κ. Κρουστσὲφ ὡμίλησεν ἐνώπιον πλήθους ἐργατῶν εἰς τὰ ναυπηγεῖα τῆς πόλεως καὶ ἐτόνισεν ὅτι τὰ σύνορα τοῦ Ὄδερ-Νάισσε εἶναι ὁριστικά. Ἐπέκρινε δὲ τὴν πολιτικὴν τῆς Δυτικῆς Γερμανίας.

ΣΤΕΤΤΙΝΟΝ, 17. (Ασσ. Πρές.).— Ὁ Ρῶσσος πρωθυπουργὸς κ. Κρουστσὲφ ἐδήλωσεν εἰς τὸ Στεττῖνον ὅτι ἡ Σοβιετικὴ Ἕνωσις θὰ πλήξῃ διὰ παντὸς μέσου οἱονδήποτε ἀποπειραθῇ νὰ μεταβάλῃ τὰ πρὸς Γερμανίαν σύνορα τῆς Πολωνίας. Ὁ κ. Κρουστσὲφ ὡμίλησεν ἐνώπιον πλήθους ἐργατῶν εἰς τὰ ναυπηγεῖα τῆς πόλεως καὶ ἐτόνισεν ὅτι τὰ σύνορα τοῦ Ὄδερ-Νάισσε εἶναι ὁριστικά. Ἐπέκρινε δὲ τὴν πολιτικὴν τῆς Δυτικῆς Γερμανίας.

ΤΙ ΕΙΠΕΝ Ο Κ. ΓΚΟΜΟΥΛΚΑ

ΣΤΕΤΤΙΝΟΝ, 17. (Ασσ. Πρές.).— Ὁ Ρῶσσος πρωθυπουργὸς κ. Κρουστσὲφ ἐδήλωσεν εἰς τὸ Στεττῖνον ὅτι ἡ Σοβιετικὴ Ἕνωσις θὰ πλήξῃ διὰ παντὸς μέσου οἱονδήποτε ἀποπειραθῇ νὰ μεταβάλῃ τὰ πρὸς Γερμανίαν σύνορα τῆς Πολωνίας. Ὁ κ. Κρουστσὲφ ὡμίλησεν ἐνώπιον πλήθους ἐργατῶν εἰς τὰ ναυπηγεῖα τῆς πόλεως καὶ ἐτόνισεν ὅτι τὰ σύνορα τοῦ Ὄδερ-Νάισσε εἶναι ὁριστικά. Ἐπέκρινε δὲ τὴν πολιτικὴν τῆς Δυτικῆς Γερμανίας.

ΣΤΕΤΤΙΝΟΝ, 17. (Ασσ. Πρές.).— Ὁ Ρῶσσος πρωθυπουργὸς κ. Κρουστσὲφ ἐδήλωσεν εἰς τὸ Στεττῖνον ὅτι ἡ Σοβιετικὴ Ἕνωσις θὰ πλήξῃ διὰ παντὸς μέσου οἱονδήποτε ἀποπειραθῇ νὰ μεταβάλῃ τὰ πρὸς Γερμανίαν σύνορα τῆς Πολωνίας. Ὁ κ. Κρουστσὲφ ὡμίλησεν ἐνώπιον πλήθους ἐργατῶν εἰς τὰ ναυπηγεῖα τῆς πόλεως καὶ ἐτόνισεν ὅτι τὰ σύνορα τοῦ Ὄδερ-Νάισσε εἶναι ὁριστικά. Ἐπέκρινε δὲ τὴν πολιτικὴν τῆς Δυτικῆς Γερμανίας.

ΑΙ ΚΙΝΗΣΕΙΣ ΤΟΥ ΣΤΡΑΤΗΓΟΥ Γ. ΓΡΙΒΑ ΑΝΗΣΥΧΟΥΝ ΖΩΗΡΩΣ ΤΗΝ ΚΥΒΕΡΝΗΣΙΝ
ΜΕΛΕΤΑ ΕΠΑΝΑΦΟΡΑΝ ΤΗΣ ΑΝΑΛΟΓΙΚΗΣ;

Αἱ κινήσεις τοῦ στρατηγοῦ Γ. Γρίβα ἀνησυχοῦν ζωηρῶς τὴν Κυβέρνησιν, ἡ ὁποία, κατὰ πληροφορίας, μελετᾷ τὴν ἐπαναφορὰν τοῦ ἀναλογικοῦ συστήματος διὰ τὰς προσεχεῖς ἐκλογάς. Ὁ στρατηγὸς ἐσυνέχισε τὰς ἐπαφάς του μὲ πολιτικοὺς παράγοντας.

Αἱ κινήσεις τοῦ στρατηγοῦ Γ. Γρίβα ἀνησυχοῦν ζωηρῶς τὴν Κυβέρνησιν, ἡ ὁποία, κατὰ πληροφορίας, μελετᾷ τὴν ἐπαναφορὰν τοῦ ἀναλογικοῦ συστήματος διὰ τὰς προσεχεῖς ἐκλογάς. Ὁ στρατηγὸς ἐσυνέχισε τὰς ἐπαφάς του μὲ πολιτικοὺς παράγοντας.

Η ΚΥΒΕΡΝΗΣΙΣ ΚΑΤΕΠΤΟΗΘΗ

Αἱ κινήσεις τοῦ στρατηγοῦ Γ. Γρίβα ἀνησυχοῦν ζωηρῶς τὴν Κυβέρνησιν, ἡ ὁποία, κατὰ πληροφορίας, μελετᾷ τὴν ἐπαναφορὰν τοῦ ἀναλογικοῦ συστήματος διὰ τὰς προσεχεῖς ἐκλογάς. Ὁ στρατηγὸς ἐσυνέχισε τὰς ἐπαφάς του μὲ πολιτικοὺς παράγοντας.

Αἱ κινήσεις τοῦ στρατηγοῦ Γ. Γρίβα ἀνησυχοῦν ζωηρῶς τὴν Κυβέρνησιν, ἡ ὁποία, κατὰ πληροφορίας, μελετᾷ τὴν ἐπαναφορὰν τοῦ ἀναλογικοῦ συστήματος διὰ τὰς προσεχεῖς ἐκλογάς. Ὁ στρατηγὸς ἐσυνέχισε τὰς ἐπαφάς του μὲ πολιτικοὺς παράγοντας.

ΔΗΛΩΣΕΙΣ ΤΟΥ ΜΑΚΑΡΙΟΥ

Αἱ κινήσεις τοῦ στρατηγοῦ Γ. Γρίβα ἀνησυχοῦν ζωηρῶς τὴν Κυβέρνησιν, ἡ ὁποία, κατὰ πληροφορίας, μελετᾷ τὴν ἐπαναφορὰν τοῦ ἀναλογικοῦ συστήματος διὰ τὰς προσεχεῖς ἐκλογάς. Ὁ στρατηγὸς ἐσυνέχισε τὰς ἐπαφάς του μὲ πολιτικοὺς παράγοντας.

ΥΒΡΕΙΣ ΚΑΤΑ ΤΟΥ Κ. ΒΕΝΙΖΕΛΟΥ

Αἱ κινήσεις τοῦ στρατηγοῦ Γ. Γρίβα ἀνησυχοῦν ζωηρῶς τὴν Κυβέρνησιν, ἡ ὁποία, κατὰ πληροφορίας, μελετᾷ τὴν ἐπαναφορὰν τοῦ ἀναλογικοῦ συστήματος διὰ τὰς προσεχεῖς ἐκλογάς. Ὁ στρατηγὸς ἐσυνέχισε τὰς ἐπαφάς του μὲ πολιτικοὺς παράγοντας.

Αἱ κινήσεις τοῦ στρατηγοῦ Γ. Γρίβα ἀνησυχοῦν ζωηρῶς τὴν Κυβέρνησιν, ἡ ὁποία, κατὰ πληροφορίας, μελετᾷ τὴν ἐπαναφορὰν τοῦ ἀναλογικοῦ συστήματος διὰ τὰς προσεχεῖς ἐκλογάς. Ὁ στρατηγὸς ἐσυνέχισε τὰς ἐπαφάς του μὲ πολιτικοὺς παράγοντας.

ΣΤΟΥΝ ΒΟΗΘΕΙΑΣ

Αἱ κινήσεις τοῦ στρατηγοῦ Γ. Γρίβα ἀνησυχοῦν ζωηρῶς τὴν Κυβέρνησιν, ἡ ὁποία, κατὰ πληροφορίας, μελετᾷ τὴν ἐπαναφορὰν τοῦ ἀναλογικοῦ συστήματος διὰ τὰς προσεχεῖς ἐκλογάς. Ὁ στρατηγὸς ἐσυνέχισε τὰς ἐπαφάς του μὲ πολιτικοὺς παράγοντας.

ΔΕΝ ΤΟΥΣ ΕΣΤΕΙΛΕΝ Ο ΜΑΚΑΡΙΟΣ

Αἱ κινήσεις τοῦ στρατηγοῦ Γ. Γρίβα ἀνησυχοῦν ζωηρῶς τὴν Κυβέρνησιν, ἡ ὁποία, κατὰ πληροφορίας, μελετᾷ τὴν ἐπαναφορὰν τοῦ ἀναλογικοῦ συστήματος διὰ τὰς προσεχεῖς ἐκλογάς. Ὁ στρατηγὸς ἐσυνέχισε τὰς ἐπαφάς του μὲ πολιτικοὺς παράγοντας.

ΚΑΤΕΣΦΑΞΕ ΤΟΝ ΣΥΓΧΩΡΙΑΝΟΝ ΤΟΥ ΟΤΑΝ ΕΚΕΙΝΟΣ ΜΕ ΤΗΝ ΑΔΕΛΦΗΝ ΤΟΥ ΕΠΕΤΕΘΗΣΑΝ ΙΝΑ ΤΟΝ ΦΟΝΕΥΣΟΥΝ!

ΠΥΡΓΟΣ, 17.— Περὶ τὴν 3ην ἀπογευματινὴν χθὲς εἰς τὸ χωρίον Βαρθολομιὸ ἐσημειώθη αἱματηρὸν ἐπεισόδιον, κατὰ τὸ ὁποῖον εἷς χωρικὸς κατέσφαξε τὸν συγχωριανόν του.

ΠΥΡΓΟΣ, 17.— Περὶ τὴν 3ην ἀπογευματινὴν χθὲς εἰς τὸ χωρίον Βαρθολομιὸ ἐσημειώθη αἱματηρὸν ἐπεισόδιον, κατὰ τὸ ὁποῖον εἷς χωρικὸς κατέσφαξε τὸν συγχωριανόν του.

ΠΥΡΓΟΣ, 17.— Περὶ τὴν 3ην ἀπογευματινὴν χθὲς εἰς τὸ χωρίον Βαρθολομιὸ ἐσημειώθη αἱματηρὸν ἐπεισόδιον, κατὰ τὸ ὁποῖον εἷς χωρικὸς κατέσφαξε τὸν συγχωριανόν του.

ΠΥΡΓΟΣ, 17.— Περὶ τὴν 3ην ἀπογευματινὴν χθὲς εἰς τὸ χωρίον Βαρθολομιὸ ἐσημειώθη αἱματηρὸν ἐπεισόδιον, κατὰ τὸ ὁποῖον εἷς χωρικὸς κατέσφαξε τὸν συγχωριανόν του.

ΠΥΡΓΟΣ, 17.— Περὶ τὴν 3ην ἀπογευματινὴν χθὲς εἰς τὸ χωρίον Βαρθολομιὸ ἐσημειώθη αἱματηρὸν ἐπεισόδιον, κατὰ τὸ ὁποῖον εἷς χωρικὸς κατέσφαξε τὸν συγχωριανόν του.

ΠΥΡΓΟΣ, 17.— Περὶ τὴν 3ην ἀπογευματινὴν χθὲς εἰς τὸ χωρίον Βαρθολομιὸ ἐσημειώθη αἱματηρὸν ἐπεισόδιον, κατὰ τὸ ὁποῖον εἷς χωρικὸς κατέσφαξε τὸν συγχωριανόν του.

ΘΑ ΕΘΕΤΕΝ ΕΙΣ ΚΙΝΔΥΝΟΝ ΤΗΝ ΥΠΟΣΤΑΣΙΝ ΤΗΣ ΔΥΣΕΩΣ ΤΟΝΙΖΕΙ ΕΙΣ ΑΝΑΚΟΙΝΩΣΙΝ ΤΟ ΣΤΑΙΗΤ ΝΤΗΠΑΡΤΜΕΝΤ ΑΠΟΣΤΕΡΗΣΙΣ ΤΩΝ ΧΩΡΩΝ ΤΟΥ ΝΑΤΟ ΑΠΟ ΠΥΡΗΝΙΚΑ ΟΠΛΑ

ΒΑΣΙΓΚΤΩΝ, 17. (Ασσ. Πρές.).— Τὸ Σταίητ Ντηπάρτμεντ τονίζει εἰς ἀνακοίνωσίν του ὅτι ἡ ἀποστέρησις τῶν χωρῶν τοῦ ΝΑΤΟ ἀπὸ πυρηνικὰ ὅπλα θὰ ἔθετεν εἰς κίνδυνον τὴν ὑπόστασιν τῆς Δύσεως.

ΒΑΣΙΓΚΤΩΝ, 17. (Ασσ. Πρές.).— Τὸ Σταίητ Ντηπάρτμεντ τονίζει εἰς ἀνακοίνωσίν του ὅτι ἡ ἀποστέρησις τῶν χωρῶν τοῦ ΝΑΤΟ ἀπὸ πυρηνικὰ ὅπλα θὰ ἔθετεν εἰς κίνδυνον τὴν ὑπόστασιν τῆς Δύσεως.

ΒΑΣΙΓΚΤΩΝ, 17. (Ασσ. Πρές.).— Τὸ Σταίητ Ντηπάρτμεντ τονίζει εἰς ἀνακοίνωσίν του ὅτι ἡ ἀποστέρησις τῶν χωρῶν τοῦ ΝΑΤΟ ἀπὸ πυρηνικὰ ὅπλα θὰ ἔθετεν εἰς κίνδυνον τὴν ὑπόστασιν τῆς Δύσεως.

ΒΑΣΙΓΚΤΩΝ, 17. (Ασσ. Πρές.).— Τὸ Σταίητ Ντηπάρτμεντ τονίζει εἰς ἀνακοίνωσίν του ὅτι ἡ ἀποστέρησις τῶν χωρῶν τοῦ ΝΑΤΟ ἀπὸ πυρηνικὰ ὅπλα θὰ ἔθετεν εἰς κίνδυνον τὴν ὑπόστασιν τῆς Δύσεως.

ΒΑΣΙΓΚΤΩΝ, 17. (Ασσ. Πρές.).— Τὸ Σταίητ Ντηπάρτμεντ τονίζει εἰς ἀνακοίνωσίν του ὅτι ἡ ἀποστέρησις τῶν χωρῶν τοῦ ΝΑΤΟ ἀπὸ πυρηνικὰ ὅπλα θὰ ἔθετεν εἰς κίνδυνον τὴν ὑπόστασιν τῆς Δύσεως.

ΒΑΣΙΓΚΤΩΝ, 17. (Ασσ. Πρές.).— Τὸ Σταίητ Ντηπάρτμεντ τονίζει εἰς ἀνακοίνωσίν του ὅτι ἡ ἀποστέρησις τῶν χωρῶν τοῦ ΝΑΤΟ ἀπὸ πυρηνικὰ ὅπλα θὰ ἔθετεν εἰς κίνδυνον τὴν ὑπόστασιν τῆς Δύσεως.

Η ΒΑΣΙΛΙΣΣΑ ΤΖΟΥΛΙΑΝΑ

ΒΑΣΙΓΚΤΩΝ, 17. (Ασσ. Πρές.).— Τὸ Σταίητ Ντηπάρτμεντ τονίζει εἰς ἀνακοίνωσίν του ὅτι ἡ ἀποστέρησις τῶν χωρῶν τοῦ ΝΑΤΟ ἀπὸ πυρηνικὰ ὅπλα θὰ ἔθετεν εἰς κίνδυνον τὴν ὑπόστασιν τῆς Δύσεως.

ΚΑΛΛΙΤΕΧΝΙΚΟΝ ΓΡΑΦΕΙΟΝ

ΒΑΣΙΓΚΤΩΝ, 17. (Ασσ. Πρές.).— Τὸ Σταίητ Ντηπάρτμεντ τονίζει εἰς ἀνακοίνωσίν του ὅτι ἡ ἀποστέρησις τῶν χωρῶν τοῦ ΝΑΤΟ ἀπὸ πυρηνικὰ ὅπλα θὰ ἔθετεν εἰς κίνδυνον τὴν ὑπόστασιν τῆς Δύσεως.

Η ΑΣΤΥΝΟΜΙΑ ΤΟΥ ΤΟΚΙΟ

ΒΑΣΙΓΚΤΩΝ, 17. (Ασσ. Πρές.).— Τὸ Σταίητ Ντηπάρτμεντ τονίζει εἰς ἀνακοίνωσίν του ὅτι ἡ ἀποστέρησις τῶν χωρῶν τοῦ ΝΑΤΟ ἀπὸ πυρηνικὰ ὅπλα θὰ ἔθετεν εἰς κίνδυνον τὴν ὑπόστασιν τῆς Δύσεως.

ΠΕΝΤΑΜΗΝΟΣ ΣΥΝΕΡΓΑΣΙΑ

ΒΑΣΙΓΚΤΩΝ, 17. (Ασσ. Πρές.).— Τὸ Σταίητ Ντηπάρτμεντ τονίζει εἰς ἀνακοίνωσίν του ὅτι ἡ ἀποστέρησις τῶν χωρῶν τοῦ ΝΑΤΟ ἀπὸ πυρηνικὰ ὅπλα θὰ ἔθετεν εἰς κίνδυνον τὴν ὑπόστασιν τῆς Δύσεως.

ΕΠΡΟΘΥΜΟΠΟΙΗΘΗ ΝΑ ΚΑΤΑΠΟΛΕΜΗΣΗ ΤΗΝ ΦΑΛΑΚΡΑΝ ΤΟΥ ΚΡΟΥΣΤΣΕΦ

ΣΤΟΚΧΟΛΜΗ, 17.— Σουηδὸς ἐπιστήμων ἐπροθυμοποιήθη νὰ καταπολεμήσῃ τὴν φαλάκραν τοῦ Σοβιετικοῦ πρωθυπουργοῦ.

ΣΤΟΚΧΟΛΜΗ, 17.— Σουηδὸς ἐπιστήμων ἐπροθυμοποιήθη νὰ καταπολεμήσῃ τὴν φαλάκραν τοῦ Σοβιετικοῦ πρωθυπουργοῦ.

ΟΙ ΚΟΛΥΜΒΗΤΙΚΟΙ ΑΓΩΝΕΣ ΤΩΝ ΟΜΑΔΩΝ ΑΘΗΝΩΝ — ΒΕΛΙΓΡΑΔΙΟΥ

ΒΕΛΙΓΡΑΔΙΟΝ, 17.— Οἱ κολυμβηταὶ τῶν Ἀθηνῶν ἠγωνίσθησαν εἰς τὸ Βελιγράδιον.

ΒΕΛΙΓΡΑΔΙΟΝ, 17.— Οἱ κολυμβηταὶ τῶν Ἀθηνῶν ἠγωνίσθησαν εἰς τὸ Βελιγράδιον.

Ο «ΕΞΕΡΕΥΝΗΤΗΣ 4» ΘΑ ΔΙΑΛΥΘΗ ΕΝΤΟΣ ΤΟΥ ΜΗΝΟΣ

ΒΑΣΙΓΚΤΩΝ, 17. (Ασσ. Πρές.).— Ὁ τεχνητὸς δορυφόρος «Ἐξερευνητὴς 4» ἀναμένεται νὰ διαλυθῇ ἐντὸς τοῦ μηνός.

ΒΑΣΙΓΚΤΩΝ, 17. (Ασσ. Πρές.).— Ὁ τεχνητὸς δορυφόρος «Ἐξερευνητὴς 4» ἀναμένεται νὰ διαλυθῇ ἐντὸς τοῦ μηνός.

ΑΠΕΒΙΩΣΕΝ Ο ΠΕΤΕΡ ΕΓΚΕ

ΒΑΣΙΓΚΤΩΝ, 17. (Ασσ. Πρές.).— Ὁ τεχνητὸς δορυφόρος «Ἐξερευνητὴς 4» ἀναμένεται νὰ διαλυθῇ ἐντὸς τοῦ μηνός.

Η ΜΟΝΕΡΗΣ ΠΡΟΕΔΡΟΣ ΤΗΣ ΓΑΛΛΙΚΗΣ ΓΕΡΟΥΣΙΑΣ

ΠΑΡΙΣΙΟΙ, 17. (Ρώιτερ).— Ἡ Γαλλικὴ Γερουσία ἐξέλεξε πρόεδρόν της τὸν κ. Μονερβίλ.

Ο Κ. ΚΑΣΣΕΜ ΘΑ ΑΠΟΜΑΚΡΥΝΗ ΑΠΟ ΤΗΝ ΚΥΒΕΡΝΗΣΙΝ ΤΟΥ ΕΝΤΟΣ ΕΝΟΣ ΜΗΝΟΣ ΤΟ ΠΟΛΥ ΤΟΥΣ ΑΡΙΣΤΕΡΟΥΣ ΥΠΟΥΡΓΟΥΣ

ΒΗΡΥΤΟΣ, 17. (Ασσ. Πρές.).— Ἐξ ἐγκύρου πηγῆς ἀναφέρεται ὅτι ὁ Ἰρακινὸς πρωθυπουργὸς στρατηγὸς Κασσὲμ θὰ ἀπομακρύνῃ ἐντὸς ἑνὸς μηνὸς τὸ πολὺ τοὺς ἀριστεροὺς ὑπουργοὺς ἐκ τῆς κυβερνήσεώς του. Ὁ στρατηγὸς ἀνησυχεῖ διὰ τὴν αὐξανομένην ἐπιρροὴν τῶν κομμουνιστῶν.

ΒΗΡΥΤΟΣ, 17. (Ασσ. Πρές.).— Ἐξ ἐγκύρου πηγῆς ἀναφέρεται ὅτι ὁ Ἰρακινὸς πρωθυπουργὸς στρατηγὸς Κασσὲμ θὰ ἀπομακρύνῃ ἐντὸς ἑνὸς μηνὸς τὸ πολὺ τοὺς ἀριστεροὺς ὑπουργοὺς ἐκ τῆς κυβερνήσεώς του. Ὁ στρατηγὸς ἀνησυχεῖ διὰ τὴν αὐξανομένην ἐπιρροὴν τῶν κομμουνιστῶν.

ΑΓΟΡΑΣΕΙ ΧΡΥΣΟΝ

ΒΗΡΥΤΟΣ, 17. (Ασσ. Πρές.).— Ἐξ ἐγκύρου πηγῆς ἀναφέρεται ὅτι ὁ Ἰρακινὸς πρωθυπουργὸς στρατηγὸς Κασσὲμ θὰ ἀπομακρύνῃ ἐντὸς ἑνὸς μηνὸς τὸ πολὺ τοὺς ἀριστεροὺς ὑπουργοὺς ἐκ τῆς κυβερνήσεώς του. Ὁ στρατηγὸς ἀνησυχεῖ διὰ τὴν αὐξανομένην ἐπιρροὴν τῶν κομμουνιστῶν.

ΒΗΡΥΤΟΣ, 17. (Ασσ. Πρές.).— Ἐξ ἐγκύρου πηγῆς ἀναφέρεται ὅτι ὁ Ἰρακινὸς πρωθυπουργὸς στρατηγὸς Κασσὲμ θὰ ἀπομακρύνῃ ἐντὸς ἑνὸς μηνὸς τὸ πολὺ τοὺς ἀριστεροὺς ὑπουργοὺς ἐκ τῆς κυβερνήσεώς του. Ὁ στρατηγὸς ἀνησυχεῖ διὰ τὴν αὐξανομένην ἐπιρροὴν τῶν κομμουνιστῶν.

Η ΔΙΑΝΟΜΗ ΓΑΙΩΝ

ΒΗΡΥΤΟΣ, 17. (Ασσ. Πρές.).— Ἐξ ἐγκύρου πηγῆς ἀναφέρεται ὅτι ὁ Ἰρακινὸς πρωθυπουργὸς στρατηγὸς Κασσὲμ θὰ ἀπομακρύνῃ ἐντὸς ἑνὸς μηνὸς τὸ πολὺ τοὺς ἀριστεροὺς ὑπουργοὺς ἐκ τῆς κυβερνήσεώς του. Ὁ στρατηγὸς ἀνησυχεῖ διὰ τὴν αὐξανομένην ἐπιρροὴν τῶν κομμουνιστῶν.

ΘΕΜΕΛΙΩΣΙΣ ΠΑΝΕΠΙΣΤΗΜΙΟΥ

ΒΗΡΥΤΟΣ, 17. (Ασσ. Πρές.).— Ἐξ ἐγκύρου πηγῆς ἀναφέρεται ὅτι ὁ Ἰρακινὸς πρωθυπουργὸς στρατηγὸς Κασσὲμ θὰ ἀπομακρύνῃ ἐντὸς ἑνὸς μηνὸς τὸ πολὺ τοὺς ἀριστεροὺς ὑπουργοὺς ἐκ τῆς κυβερνήσεώς του. Ὁ στρατηγὸς ἀνησυχεῖ διὰ τὴν αὐξανομένην ἐπιρροὴν τῶν κομμουνιστῶν.

ΔΙΕΡΕΥΝΗΣΙΣ ΤΩΝ ΔΙΑΦΟΡΩΝ ΕΛΛΑΔΟΣ ΚΑΙ ΤΟΥΡΚΙΑΣ ΔΙΑ ΤΑΣ ΜΕΙΟΝΟΤΗΤΑΣ, ΤΗΝ ΑΛΙΕΙΑΝ ΚΑΙ ΑΛΛΑ ΘΕΜΑΤΑ ΕΓΕΝΕΤΟ ΚΑΤΑ ΤΑΣ ΕΠΑΦΑΣ ΜΠΙΤΣΙΟΥ — ΓΚΙΟΥΝΕΡΑΛΠ ΑΛΛΑ ΔΕΝ ΕΠΗΛΘΕΝ ΟΡΙΣΤΙΚΗ ΤΙΣ ΕΠ' ΑΥΤΩΝ ΣΥΜΦΩΝΙΑ

ΑΘΗΝΑΙ, 17.— Ὡς ἐγνώσθη, κατὰ τὰς ἐπαφὰς τοῦ κ. Μπίτσιου μετὰ τοῦ Τούρκου πρέσβεως κ. Γκιουνεράλπ ἐγένετο διερεύνησις τῶν διαφορῶν Ἑλλάδος καὶ Τουρκίας διὰ τὰς μειονότητας καὶ τὴν ἁλιείαν, χωρὶς ὅμως νὰ ἐπέλθῃ ὁριστικὴ συμφωνία.

ΑΘΗΝΑΙ, 17.— Ὡς ἐγνώσθη, κατὰ τὰς ἐπαφὰς τοῦ κ. Μπίτσιου μετὰ τοῦ Τούρκου πρέσβεως κ. Γκιουνεράλπ ἐγένετο διερεύνησις τῶν διαφορῶν Ἑλλάδος καὶ Τουρκίας διὰ τὰς μειονότητας καὶ τὴν ἁλιείαν, χωρὶς ὅμως νὰ ἐπέλθῃ ὁριστικὴ συμφωνία.

ΑΘΗΝΑΙ, 17.— Ὡς ἐγνώσθη, κατὰ τὰς ἐπαφὰς τοῦ κ. Μπίτσιου μετὰ τοῦ Τούρκου πρέσβεως κ. Γκιουνεράλπ ἐγένετο διερεύνησις τῶν διαφορῶν Ἑλλάδος καὶ Τουρκίας διὰ τὰς μειονότητας καὶ τὴν ἁλιείαν, χωρὶς ὅμως νὰ ἐπέλθῃ ὁριστικὴ συμφωνία.

ΑΘΗΝΑΙ, 17.— Ὡς ἐγνώσθη, κατὰ τὰς ἐπαφὰς τοῦ κ. Μπίτσιου μετὰ τοῦ Τούρκου πρέσβεως κ. Γκιουνεράλπ ἐγένετο διερεύνησις τῶν διαφορῶν Ἑλλάδος καὶ Τουρκίας διὰ τὰς μειονότητας καὶ τὴν ἁλιείαν, χωρὶς ὅμως νὰ ἐπέλθῃ ὁριστικὴ συμφωνία.

ΑΘΗΝΑΙ, 17.— Ὡς ἐγνώσθη, κατὰ τὰς ἐπαφὰς τοῦ κ. Μπίτσιου μετὰ τοῦ Τούρκου πρέσβεως κ. Γκιουνεράλπ ἐγένετο διερεύνησις τῶν διαφορῶν Ἑλλάδος καὶ Τουρκίας διὰ τὰς μειονότητας καὶ τὴν ἁλιείαν, χωρὶς ὅμως νὰ ἐπέλθῃ ὁριστικὴ συμφωνία.

ΑΘΗΝΑΙ, 17.— Ὡς ἐγνώσθη, κατὰ τὰς ἐπαφὰς τοῦ κ. Μπίτσιου μετὰ τοῦ Τούρκου πρέσβεως κ. Γκιουνεράλπ ἐγένετο διερεύνησις τῶν διαφορῶν Ἑλλάδος καὶ Τουρκίας διὰ τὰς μειονότητας καὶ τὴν ἁλιείαν, χωρὶς ὅμως νὰ ἐπέλθῃ ὁριστικὴ συμφωνία.

ΑΝΤΙΠΥΡΗΝΙΚΟΝ ΚΑΤΑΦΥΓΙΟΝ ΕΙΣ ΤΟ ΤΕΞΑΣ ΔΙΑ ΤΟΝ ΠΡΟΕΔΡΟΝ ΚΑΙ ΤΗΝ ΚΥΒΕΡΝΗΣΙΝ ΤΗΣ ΑΜΕΡΙΚΗΣ ΕΙΣ ΠΕΡΙΠΤΩΣΙΝ ΠΟΛΕΜΟΥ

ΒΑΣΙΓΚΤΩΝ, 17. (Ασσ. Πρές.).— Ἡ ἀμερικανικὴ κυβέρνησις κατασκευάζει εἰς τὸ Τέξας ἀντιπυρηνικὸν καταφύγιον διὰ τὸν Πρόεδρον καὶ τὰ μέλη τῆς κυβερνήσεως εἰς περίπτωσιν πολέμου.

ΤΑ ΡΑΔΙΕΝΕΡΓΑ ΚΑΤΑΛΟΙΠΑ

ΒΑΣΙΓΚΤΩΝ, 17. (Ασσ. Πρές.).— Ἡ ἀμερικανικὴ κυβέρνησις κατασκευάζει εἰς τὸ Τέξας ἀντιπυρηνικὸν καταφύγιον διὰ τὸν Πρόεδρον καὶ τὰ μέλη τῆς κυβερνήσεως εἰς περίπτωσιν πολέμου.

ΒΑΣΙΓΚΤΩΝ, 17. (Ασσ. Πρές.).— Ἡ ἀμερικανικὴ κυβέρνησις κατασκευάζει εἰς τὸ Τέξας ἀντιπυρηνικὸν καταφύγιον διὰ τὸν Πρόεδρον καὶ τὰ μέλη τῆς κυβερνήσεως εἰς περίπτωσιν πολέμου.

ΒΑΣΙΓΚΤΩΝ, 17. (Ασσ. Πρές.).— Ἡ ἀμερικανικὴ κυβέρνησις κατασκευάζει εἰς τὸ Τέξας ἀντιπυρηνικὸν καταφύγιον διὰ τὸν Πρόεδρον καὶ τὰ μέλη τῆς κυβερνήσεως εἰς περίπτωσιν πολέμου.

ΑΦΟΡΗΤΟΣ ΚΑΙ ΧΘΕΣ Ο ΚΑΥΣΩΝ ΕΙΣ ΤΗΝ ΘΕΣΣΑΛΟΝΙΚΗΝ
ΧΑΛΑΖΑ ΚΑΤΕΣΤΡΕΨΕ ΚΑΠΝΟΦΥΤΕΙΑΣ ΕΙΣ ΝΕΑΝ ΖΙΧΝΗΝ
ΒΡΟΧΑΙ ΠΡΟΒΛΕΠΟΝΤΑΙ ΣΗΜΕΡΟΝ ΕΙΣ ΒΟΡΕΙΟΝ ΕΛΛΑΔΑ

Καὶ κατὰ τὴν χθεσινὴν ἡμέραν ἐσημειώθη ἀφόρητος καύσων εἰς τὴν Θεσσαλονίκην. Ἡ θερμοκρασία ἀνῆλθεν εἰς 38 βαθμοὺς Κελσίου. Εἰς Νέαν Ζίχνην χάλαζα κατέστρεψε καπνοφυτείας.

Ο ΚΑΙΡΟΣ ΣΗΜΕΡΟΝ

Καὶ κατὰ τὴν χθεσινὴν ἡμέραν ἐσημειώθη ἀφόρητος καύσων εἰς τὴν Θεσσαλονίκην. Ἡ θερμοκρασία ἀνῆλθεν εἰς 38 βαθμοὺς Κελσίου. Εἰς Νέαν Ζίχνην χάλαζα κατέστρεψε καπνοφυτείας.

Καὶ κατὰ τὴν χθεσινὴν ἡμέραν ἐσημειώθη ἀφόρητος καύσων εἰς τὴν Θεσσαλονίκην. Ἡ θερμοκρασία ἀνῆλθεν εἰς 38 βαθμοὺς Κελσίου. Εἰς Νέαν Ζίχνην χάλαζα κατέστρεψε καπνοφυτείας.

ΧΑΛΑΖΑ ΕΙΣ Ν. ΖΙΧΝΗΝ

Καὶ κατὰ τὴν χθεσινὴν ἡμέραν ἐσημειώθη ἀφόρητος καύσων εἰς τὴν Θεσσαλονίκην. Ἡ θερμοκρασία ἀνῆλθεν εἰς 38 βαθμοὺς Κελσίου. Εἰς Νέαν Ζίχνην χάλαζα κατέστρεψε καπνοφυτείας.

ΤΑ ΘΥΜΑΤΑ ΤΟΥ ΤΥΦΩΝΟΣ

Καὶ κατὰ τὴν χθεσινὴν ἡμέραν ἐσημειώθη ἀφόρητος καύσων εἰς τὴν Θεσσαλονίκην. Ἡ θερμοκρασία ἀνῆλθεν εἰς 38 βαθμοὺς Κελσίου. Εἰς Νέαν Ζίχνην χάλαζα κατέστρεψε καπνοφυτείας.

ΚΑΙ Ο ΜΠΗΝΓΚΛΕ·Υ· ΜΑΣ ΣΥΝΙΣΤΑ ΝΑ ΔΕΧΘΩΜΕΝ ΤΑΣ ΒΑΣΕΙΣ ΠΥΡΑΥΛΩΝ ΜΕΣΟΥ ΒΕΛΗΝΕΚΟΥΣ

ΑΘΗΝΑΙ, 17.— Ὁ γνωστὸς ἀμερικανὸς στρατιωτικὸς συντάκτης κ. Μπήνγκλεϋ ἐν ἄρθρῳ του συνιστᾷ εἰς τὴν Ἑλλάδα νὰ δεχθῇ τὰς βάσεις πυραύλων μέσου βεληνεκοῦς, αἱ ὁποῖαι θὰ ἐνισχύσουν τὴν ἀσφάλειαν τῆς χώρας εἰς τὰ πλαίσια τοῦ ΝΑΤΟ.

ΑΘΗΝΑΙ, 17.— Ὁ γνωστὸς ἀμερικανὸς στρατιωτικὸς συντάκτης κ. Μπήνγκλεϋ ἐν ἄρθρῳ του συνιστᾷ εἰς τὴν Ἑλλάδα νὰ δεχθῇ τὰς βάσεις πυραύλων μέσου βεληνεκοῦς, αἱ ὁποῖαι θὰ ἐνισχύσουν τὴν ἀσφάλειαν τῆς χώρας εἰς τὰ πλαίσια τοῦ ΝΑΤΟ.

ΑΘΗΝΑΙ, 17.— Ὁ γνωστὸς ἀμερικανὸς στρατιωτικὸς συντάκτης κ. Μπήνγκλεϋ ἐν ἄρθρῳ του συνιστᾷ εἰς τὴν Ἑλλάδα νὰ δεχθῇ τὰς βάσεις πυραύλων μέσου βεληνεκοῦς, αἱ ὁποῖαι θὰ ἐνισχύσουν τὴν ἀσφάλειαν τῆς χώρας εἰς τὰ πλαίσια τοῦ ΝΑΤΟ.

ΑΘΗΝΑΙ, 17.— Ὁ γνωστὸς ἀμερικανὸς στρατιωτικὸς συντάκτης κ. Μπήνγκλεϋ ἐν ἄρθρῳ του συνιστᾷ εἰς τὴν Ἑλλάδα νὰ δεχθῇ τὰς βάσεις πυραύλων μέσου βεληνεκοῦς, αἱ ὁποῖαι θὰ ἐνισχύσουν τὴν ἀσφάλειαν τῆς χώρας εἰς τὰ πλαίσια τοῦ ΝΑΤΟ.

ΑΘΗΝΑΙ, 17.— Ὁ γνωστὸς ἀμερικανὸς στρατιωτικὸς συντάκτης κ. Μπήνγκλεϋ ἐν ἄρθρῳ του συνιστᾷ εἰς τὴν Ἑλλάδα νὰ δεχθῇ τὰς βάσεις πυραύλων μέσου βεληνεκοῦς, αἱ ὁποῖαι θὰ ἐνισχύσουν τὴν ἀσφάλειαν τῆς χώρας εἰς τὰ πλαίσια τοῦ ΝΑΤΟ.

ΑΘΗΝΑΙ, 17.— Ὁ γνωστὸς ἀμερικανὸς στρατιωτικὸς συντάκτης κ. Μπήνγκλεϋ ἐν ἄρθρῳ του συνιστᾷ εἰς τὴν Ἑλλάδα νὰ δεχθῇ τὰς βάσεις πυραύλων μέσου βεληνεκοῦς, αἱ ὁποῖαι θὰ ἐνισχύσουν τὴν ἀσφάλειαν τῆς χώρας εἰς τὰ πλαίσια τοῦ ΝΑΤΟ.

ΑΙ ΒΑΣΕΙΣ ΠΥΡΑΥΛΩΝ

ΑΘΗΝΑΙ, 17.— Ὁ γνωστὸς ἀμερικανὸς στρατιωτικὸς συντάκτης κ. Μπήνγκλεϋ ἐν ἄρθρῳ του συνιστᾷ εἰς τὴν Ἑλλάδα νὰ δεχθῇ τὰς βάσεις πυραύλων μέσου βεληνεκοῦς, αἱ ὁποῖαι θὰ ἐνισχύσουν τὴν ἀσφάλειαν τῆς χώρας εἰς τὰ πλαίσια τοῦ ΝΑΤΟ.

ΑΘΗΝΑΙ, 17.— Ὁ γνωστὸς ἀμερικανὸς στρατιωτικὸς συντάκτης κ. Μπήνγκλεϋ ἐν ἄρθρῳ του συνιστᾷ εἰς τὴν Ἑλλάδα νὰ δεχθῇ τὰς βάσεις πυραύλων μέσου βεληνεκοῦς, αἱ ὁποῖαι θὰ ἐνισχύσουν τὴν ἀσφάλειαν τῆς χώρας εἰς τὰ πλαίσια τοῦ ΝΑΤΟ.

ΑΘΗΝΑΙ, 17.— Ὁ γνωστὸς ἀμερικανὸς στρατιωτικὸς συντάκτης κ. Μπήνγκλεϋ ἐν ἄρθρῳ του συνιστᾷ εἰς τὴν Ἑλλάδα νὰ δεχθῇ τὰς βάσεις πυραύλων μέσου βεληνεκοῦς, αἱ ὁποῖαι θὰ ἐνισχύσουν τὴν ἀσφάλειαν τῆς χώρας εἰς τὰ πλαίσια τοῦ ΝΑΤΟ.
